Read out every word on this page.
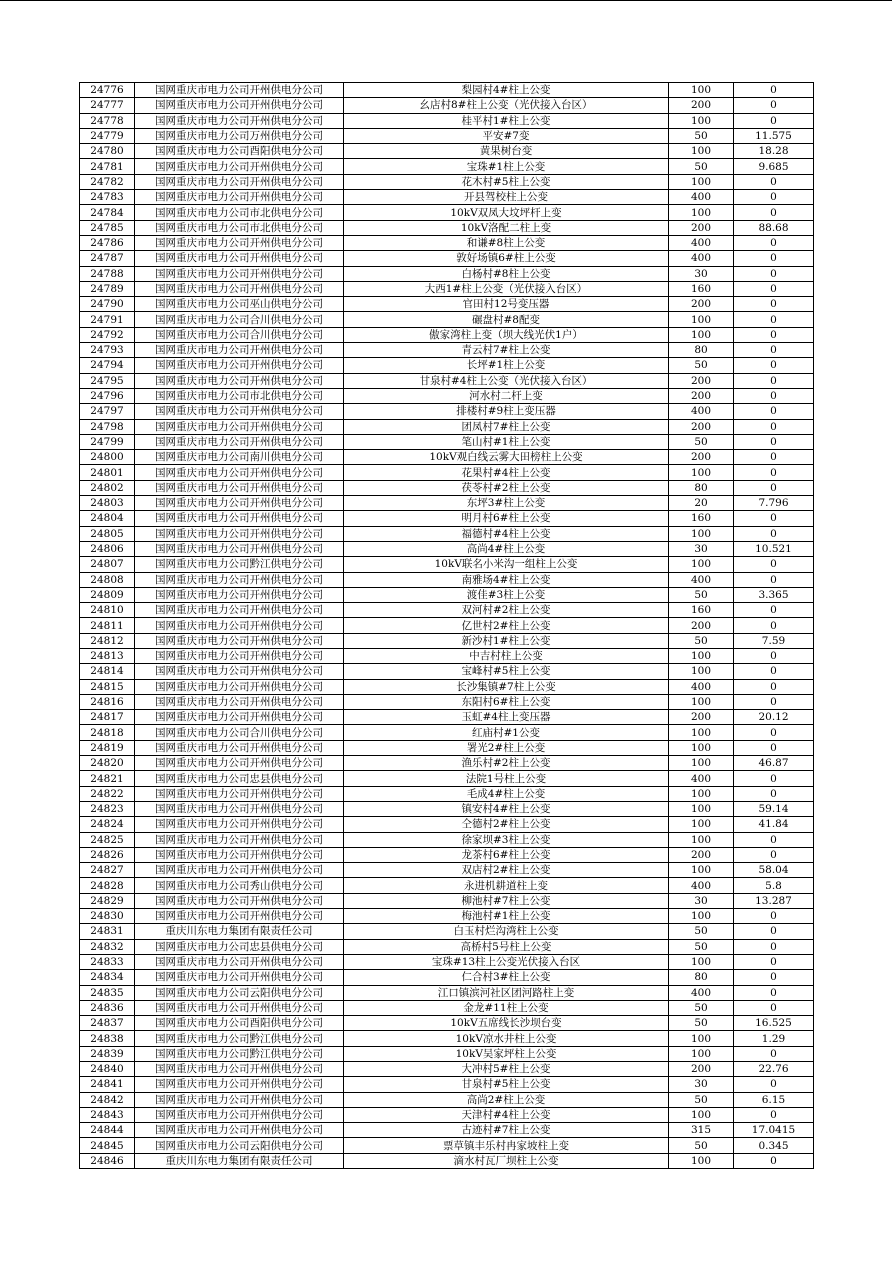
24776	国网重庆市电力公司开州供电分公司	梨园村4#柱上公变	100	0
24777	国网重庆市电力公司开州供电分公司	幺店村8#柱上公变（光伏接入台区）	200	0
24778	国网重庆市电力公司开州供电分公司	桂平村1#柱上公变	100	0
24779	国网重庆市电力公司万州供电分公司	平安#7变	50	11.575
24780	国网重庆市电力公司酉阳供电分公司	黄果树台变	100	18.28
24781	国网重庆市电力公司开州供电分公司	宝珠#1柱上公变	50	9.685
24782	国网重庆市电力公司开州供电分公司	花木村#5柱上公变	100	0
24783	国网重庆市电力公司开州供电分公司	开县驾校柱上公变	400	0
24784	国网重庆市电力公司市北供电分公司	10kV双凤大坟坪杆上变	100	0
24785	国网重庆市电力公司市北供电分公司	10kV洛配二柱上变	200	88.68
24786	国网重庆市电力公司开州供电分公司	和谦#8柱上公变	400	0
24787	国网重庆市电力公司开州供电分公司	敦好场镇6#柱上公变	400	0
24788	国网重庆市电力公司开州供电分公司	白杨村#8柱上公变	30	0
24789	国网重庆市电力公司开州供电分公司	大西1#柱上公变（光伏接入台区）	160	0
24790	国网重庆市电力公司巫山供电分公司	官田村12号变压器	200	0
24791	国网重庆市电力公司合川供电分公司	碾盘村#8配变	100	0
24792	国网重庆市电力公司合川供电分公司	傲家湾柱上变（坝大线光伏1户）	100	0
24793	国网重庆市电力公司开州供电分公司	青云村7#柱上公变	80	0
24794	国网重庆市电力公司开州供电分公司	长坪#1柱上公变	50	0
24795	国网重庆市电力公司开州供电分公司	甘泉村#4柱上公变（光伏接入台区）	200	0
24796	国网重庆市电力公司市北供电分公司	河水村二杆上变	200	0
24797	国网重庆市电力公司开州供电分公司	排楼村#9柱上变压器	400	0
24798	国网重庆市电力公司开州供电分公司	团凤村7#柱上公变	200	0
24799	国网重庆市电力公司开州供电分公司	笔山村#1柱上公变	50	0
24800	国网重庆市电力公司南川供电分公司	10kV观白线云雾大田榜柱上公变	200	0
24801	国网重庆市电力公司开州供电分公司	花果村#4柱上公变	100	0
24802	国网重庆市电力公司开州供电分公司	茯苓村#2柱上公变	80	0
24803	国网重庆市电力公司开州供电分公司	东坪3#柱上公变	20	7.796
24804	国网重庆市电力公司开州供电分公司	明月村6#柱上公变	160	0
24805	国网重庆市电力公司开州供电分公司	福德村#4柱上公变	100	0
24806	国网重庆市电力公司开州供电分公司	高尚4#柱上公变	30	10.521
24807	国网重庆市电力公司黔江供电分公司	10kV联名小米沟一组柱上公变	100	0
24808	国网重庆市电力公司开州供电分公司	南雅场4#柱上公变	400	0
24809	国网重庆市电力公司开州供电分公司	渡佳#3柱上公变	50	3.365
24810	国网重庆市电力公司开州供电分公司	双河村#2柱上公变	160	0
24811	国网重庆市电力公司开州供电分公司	亿世村2#柱上公变	200	0
24812	国网重庆市电力公司开州供电分公司	新沙村1#柱上公变	50	7.59
24813	国网重庆市电力公司开州供电分公司	中吉村柱上公变	100	0
24814	国网重庆市电力公司开州供电分公司	宝峰村#5柱上公变	100	0
24815	国网重庆市电力公司开州供电分公司	长沙集镇#7柱上公变	400	0
24816	国网重庆市电力公司开州供电分公司	东阳村6#柱上公变	100	0
24817	国网重庆市电力公司开州供电分公司	玉虹#4柱上变压器	200	20.12
24818	国网重庆市电力公司合川供电分公司	红庙村#1公变	100	0
24819	国网重庆市电力公司开州供电分公司	署光2#柱上公变	100	0
24820	国网重庆市电力公司开州供电分公司	渔乐村#2柱上公变	100	46.87
24821	国网重庆市电力公司忠县供电分公司	法院1号柱上公变	400	0
24822	国网重庆市电力公司开州供电分公司	毛成4#柱上公变	100	0
24823	国网重庆市电力公司开州供电分公司	镇安村4#柱上公变	100	59.14
24824	国网重庆市电力公司开州供电分公司	仝德村2#柱上公变	100	41.84
24825	国网重庆市电力公司开州供电分公司	徐家坝#3柱上公变	100	0
24826	国网重庆市电力公司开州供电分公司	龙茶村6#柱上公变	200	0
24827	国网重庆市电力公司开州供电分公司	双店村2#柱上公变	100	58.04
24828	国网重庆市电力公司秀山供电分公司	永进机耕道柱上变	400	5.8
24829	国网重庆市电力公司开州供电分公司	柳池村#7柱上公变	30	13.287
24830	国网重庆市电力公司开州供电分公司	梅池村#1柱上公变	100	0
24831	重庆川东电力集团有限责任公司	白玉村烂沟湾柱上公变	50	0
24832	国网重庆市电力公司忠县供电分公司	高桥村5号柱上公变	50	0
24833	国网重庆市电力公司开州供电分公司	宝珠#13柱上公变光伏接入台区	100	0
24834	国网重庆市电力公司开州供电分公司	仁合村3#柱上公变	80	0
24835	国网重庆市电力公司云阳供电分公司	江口镇滨河社区团河路柱上变	400	0
24836	国网重庆市电力公司开州供电分公司	金龙#11柱上公变	50	0
24837	国网重庆市电力公司酉阳供电分公司	10kV五席线长沙坝台变	50	16.525
24838	国网重庆市电力公司黔江供电分公司	10kV凉水井柱上公变	100	1.29
24839	国网重庆市电力公司黔江供电分公司	10kV吴家坪柱上公变	100	0
24840	国网重庆市电力公司开州供电分公司	大冲村5#柱上公变	200	22.76
24841	国网重庆市电力公司开州供电分公司	甘泉村#5柱上公变	30	0
24842	国网重庆市电力公司开州供电分公司	高尚2#柱上公变	50	6.15
24843	国网重庆市电力公司开州供电分公司	天津村#4柱上公变	100	0
24844	国网重庆市电力公司开州供电分公司	古迹村#7柱上公变	315	17.0415
24845	国网重庆市电力公司云阳供电分公司	票草镇丰乐村冉家坡柱上变	50	0.345
24846	重庆川东电力集团有限责任公司	滴水村瓦厂坝柱上公变	100	0
